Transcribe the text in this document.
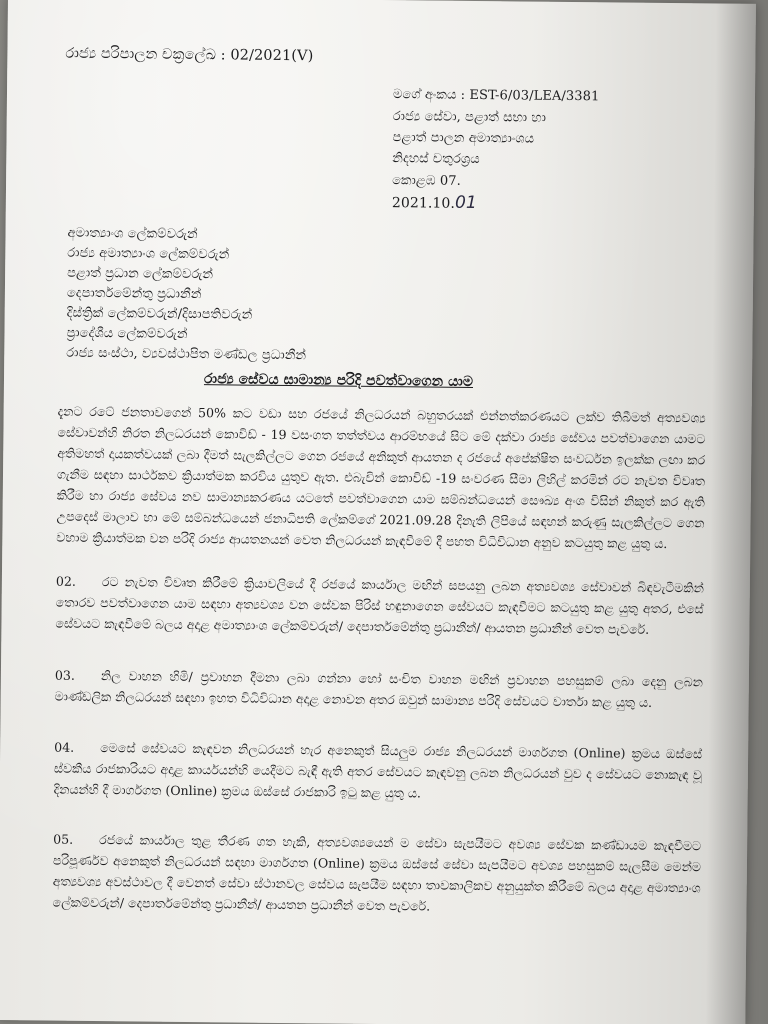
රාජ්‍ය පරිපාලන චක්‍රලේඛ : 02/2021(V)
මගේ අංකය : EST-6/03/LEA/3381
රාජ්‍ය සේවා, පළාත් සභා හා
පළාත් පාලන අමාත්‍යාංශය
නිදහස් චතුරශ්‍රය
කොළඹ 07.
2021.10.01
අමාත්‍යාංශ ලේකම්වරුන්
රාජ්‍ය අමාත්‍යාංශ ලේකම්වරුන්
පළාත් ප්‍රධාන ලේකම්වරුන්
දෙපාර්තමේන්තු ප්‍රධානීන්
දිස්ත්‍රික් ලේකම්වරුන්/දිසාපතිවරුන්
ප්‍රාදේශීය ලේකම්වරුන්
රාජ්‍ය සංස්ථා, ව්‍යවස්ථාපිත මණ්ඩල ප්‍රධානීන්
රාජ්‍ය සේවය සාමාන්‍ය පරිදි පවත්වාගෙන යාම
දැනට රටේ ජනතාවගෙන් 50% කට වඩා සහ රජයේ නිලධරයන් බහුතරයක් එන්නත්කරණයට ලක්ව තිබීමත් අත්‍යවශ්‍ය සේවාවන්හි නිරත නිලධරයන් කොවිඩ් - 19 වසංගත තත්ත්වය ආරම්භයේ සිට මේ දක්වා රාජ්‍ය සේවය පවත්වාගෙන යාමට අතිමහත් දායකත්වයක් ලබා දීමත් සැලකිල්ලට ගෙන රජයේ අනිකුත් ආයතන ද රජයේ අපේක්ෂිත සංවර්ධන ඉලක්ක ලඟා කර ගැනීම සඳහා සාර්ථකව ක්‍රියාත්මක කරවිය යුතුව ඇත. එබැවින් කොවිඩ් -19 සංවරණ සීමා ලිහිල් කරමින් රට නැවත විවෘත කිරීම හා රාජ්‍ය සේවය නව සාමාන්‍යකරණය යටතේ පවත්වාගෙන යාම සම්බන්ධයෙන් සෞඛ්‍ය අංශ විසින් නිකුත් කර ඇති උපදෙස් මාලාව හා මේ සම්බන්ධයෙන් ජනාධිපති ලේකම්ගේ 2021.09.28 දිනැති ලිපියේ සඳහන් කරුණු සැලකිල්ලට ගෙන වහාම ක්‍රියාත්මක වන පරිදි රාජ්‍ය ආයතනයන් වෙත නිලධරයන් කැඳවීමේ දී පහත විධිවිධාන අනුව කටයුතු කළ යුතු ය.
02. රට නැවත විවෘත කිරීමේ ක්‍රියාවලියේ දී රජයේ කාර්යාල මඟින් සපයනු ලබන අත්‍යවශ්‍ය සේවාවන් බිඳවැටීමකින් තොරව පවත්වාගෙන යාම සඳහා අත්‍යවශ්‍ය වන සේවක පිරිස් හඳුනාගෙන සේවයට කැඳවීමට කටයුතු කළ යුතු අතර, එසේ සේවයට කැඳවීමේ බලය අදාළ අමාත්‍යාංශ ලේකම්වරුන්/ දෙපාර්තමේන්තු ප්‍රධානීන්/ ආයතන ප්‍රධානීන් වෙත පැවරේ.
03. නිල වාහන හිමි/ ප්‍රවාහන දීමනා ලබා ගන්නා හෝ සංචිත වාහන මඟින් ප්‍රවාහන පහසුකම් ලබා දෙනු ලබන මාණ්ඩලික නිලධරයන් සඳහා ඉහත විධිවිධාන අදාළ නොවන අතර ඔවුන් සාමාන්‍ය පරිදි සේවයට වාර්තා කළ යුතු ය.
04. මෙසේ සේවයට කැඳවන නිලධරයන් හැර අනෙකුත් සියලුම රාජ්‍ය නිලධරයන් මාර්ගගත (Online) ක්‍රමය ඔස්සේ ස්වකීය රාජකාරියට අදාළ කාර්යයන්හි යෙදීමට බැඳී ඇති අතර සේවයට කැඳවනු ලබන නිලධරයන් වුව ද සේවයට නොකැඳ වූ දිනයන්හි දී මාර්ගගත (Online) ක්‍රමය ඔස්සේ රාජකාරි ඉටු කළ යුතු ය.
05. රජයේ කාර්යාල තුළ තීරණ ගත හැකි, අත්‍යවශ්‍යයෙන් ම සේවා සැපයීමට අවශ්‍ය සේවක කණ්ඩායම කැඳවීමට පරිපූර්ණව අනෙකුත් නිලධරයන් සඳහා මාර්ගගත (Online) ක්‍රමය ඔස්සේ සේවා සැපයීමට අවශ්‍ය පහසුකම් සැලසීම මෙන්ම අත්‍යවශ්‍ය අවස්ථාවල දී වෙනත් සේවා ස්ථානවල සේවය සැපයීම සඳහා තාවකාලිකව අනුයුක්ත කිරීමේ බලය අදාළ අමාත්‍යාංශ ලේකම්වරුන්/ දෙපාර්තමේන්තු ප්‍රධානීන්/ ආයතන ප්‍රධානීන් වෙත පැවරේ.
